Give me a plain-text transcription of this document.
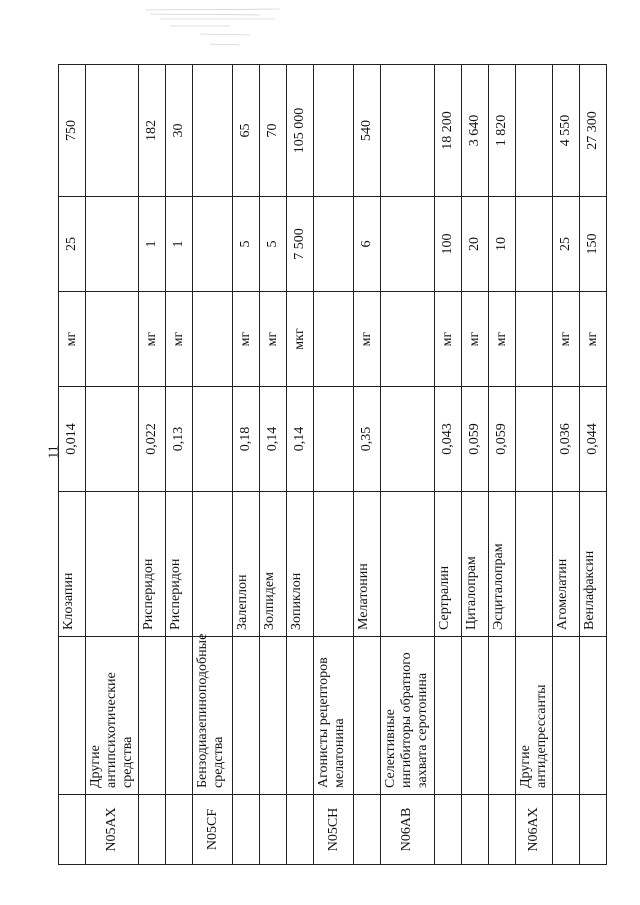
11
		Клозапин	0,014	мг	25	750
N05AX	Другие антипсихотические средства					
		Рисперидон	0,022	мг	1	182
		Рисперидон	0,13	мг	1	30
N05CF	Бензодиазепиноподобные средства					
		Залеплон	0,18	мг	5	65
		Золпидем	0,14	мг	5	70
		Зопиклон	0,14	мкг	7 500	105 000
N05CH	Агонисты рецепторов мелатонина					
		Мелатонин	0,35	мг	6	540
N06AB	Селективные ингибиторы обратного захвата серотонина					
		Сертралин	0,043	мг	100	18 200
		Циталопрам	0,059	мг	20	3 640
		Эсциталопрам	0,059	мг	10	1 820
N06AX	Другие антидепрессанты					
		Агомелатин	0,036	мг	25	4 550
		Венлафаксин	0,044	мг	150	27 300
